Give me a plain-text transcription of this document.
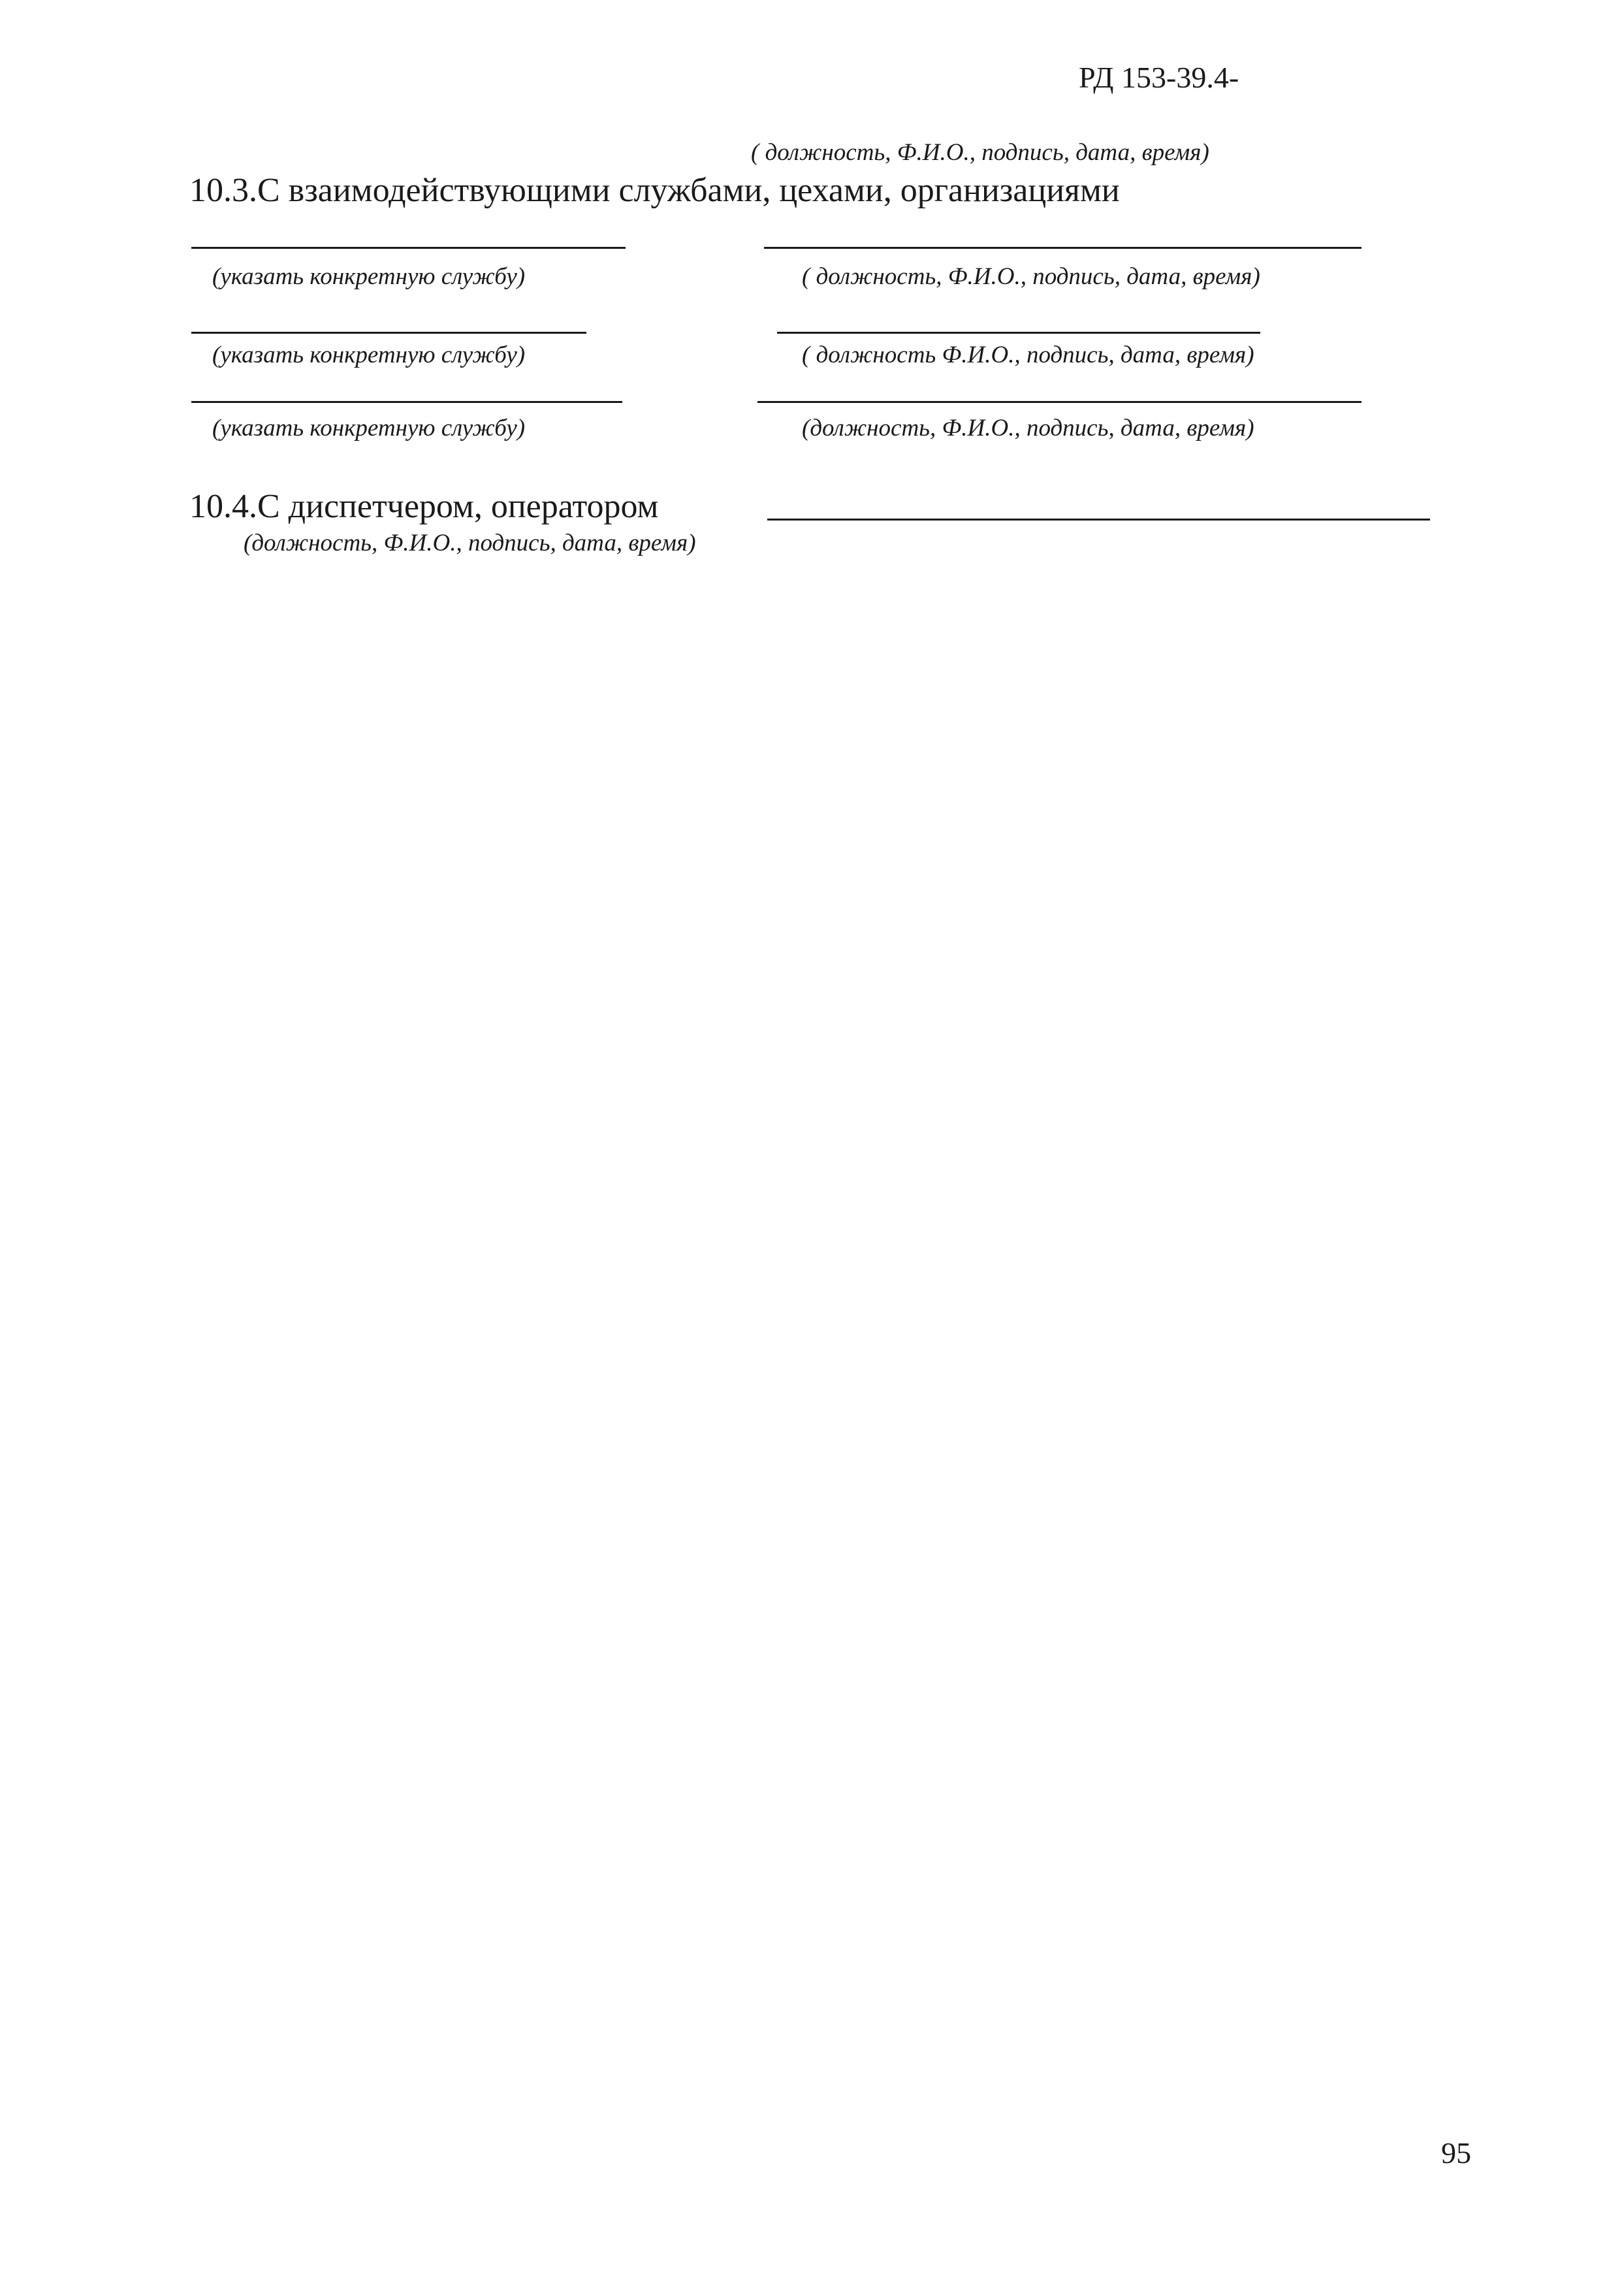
РД 153-39.4-
( должность, Ф.И.О., подпись, дата, время)
10.3.С взаимодействующими службами, цехами, организациями
(указать конкретную службу)	( должность, Ф.И.О., подпись, дата, время)
(указать конкретную службу)	( должность Ф.И.О., подпись, дата, время)
(указать конкретную службу)	(должность, Ф.И.О., подпись, дата, время)
10.4.С диспетчером, оператором
(должность, Ф.И.О., подпись, дата, время)
95
